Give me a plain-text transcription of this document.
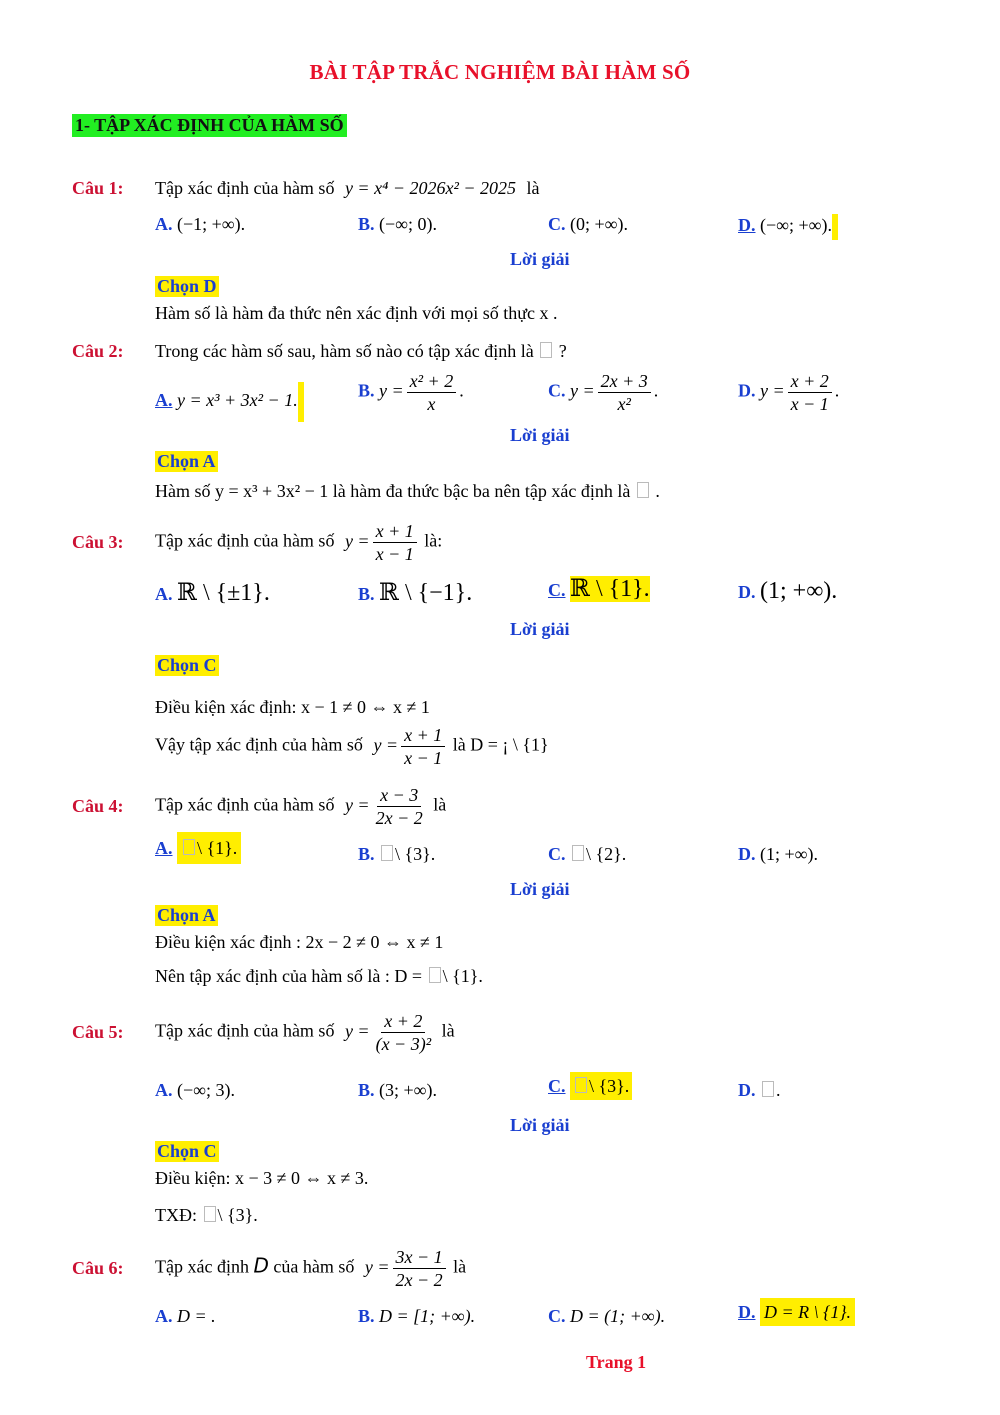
BÀI TẬP TRẮC NGHIỆM BÀI HÀM SỐ
1- TẬP XÁC ĐỊNH CỦA HÀM SỐ
Câu 1: Tập xác định của hàm số y = x⁴ − 2026x² − 2025 là
A. (−1; +∞).	B. (−∞; 0).	C. (0; +∞).	D. (−∞; +∞).
Lời giải
Chọn D
Hàm số là hàm đa thức nên xác định với mọi số thực x .
Câu 2: Trong các hàm số sau, hàm số nào có tập xác định là ?
A. y = x³ + 3x² − 1.	B. $y = \frac{\text{x² + 2}}{x}$ .	C. $y = \frac{2x + 3}{\text{x²}}$ .	D. $y = \frac{x + 2}{x - 1}$ .
Lời giải
Chọn A
Hàm số y = x³ + 3x² − 1 là hàm đa thức bậc ba nên tập xác định là  .
Câu 3: Tập xác định của hàm số $y = \frac{x + 1}{x - 1}$ là:
A. ℝ \ {±1}.	B. ℝ \ {−1}.	C. ℝ \ {1}.	D. (1; +∞).
Lời giải
Chọn C
Điều kiện xác định: x − 1 ≠ 0 ⇔ x ≠ 1
Vậy tập xác định của hàm số $y = \frac{x + 1}{x - 1}$ là D = ¡ \ {1}
Câu 4: Tập xác định của hàm số $y = \frac{x - 3}{2x - 2}$ là
A. \ {1}.	B. \ {3}.	C. \ {2}.	D. (1; +∞).
Lời giải
Chọn A
Điều kiện xác định : 2x − 2 ≠ 0 ⇔ x ≠ 1
Nên tập xác định của hàm số là : D = \ {1}.
Câu 5: Tập xác định của hàm số $y = \frac{x + 2}{\text{(x − 3)²}}$ là
A. (−∞; 3).	B. (3; +∞).	C. \ {3}.	D. .
Lời giải
Chọn C
Điều kiện: x − 3 ≠ 0 ⇔ x ≠ 3.
TXĐ: \ {3}.
Câu 6: Tập xác định D của hàm số $y = \frac{3x - 1}{2x - 2}$ là
A. D = .	B. D = [1; +∞).	C. D = (1; +∞).	D. D = R \ {1}.
Trang 1
